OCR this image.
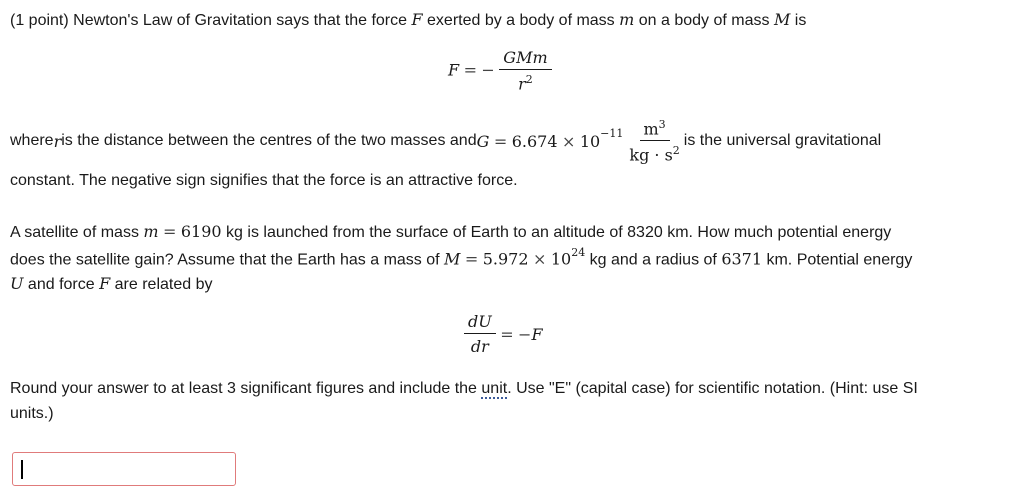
(1 point) Newton's Law of Gravitation says that the force F exerted by a body of mass m on a body of mass M is
F = − $\frac{\text{GMm}}{r^2}$
where r is the distance between the centres of the two masses and G
=
6.674
×
$10^{-11} \frac{m^3}{kg \cdot s^2}$ is the universal gravitational
constant. The negative sign signifies that the force is an attractive force.
A satellite of mass m = 6190 kg is launched from the surface of Earth to an altitude of 8320 km. How much potential energy
does the satellite gain? Assume that the Earth has a mass of $M = 5.972 \times 10^{24}$ kg and a radius of 6371 km. Potential energy
U and force F are related by
$\frac{dU}{dr}$
=
− F
Round your answer to at least 3 significant figures and include the unit. Use "E" (capital case) for scientific notation. (Hint: use SI
units.)
